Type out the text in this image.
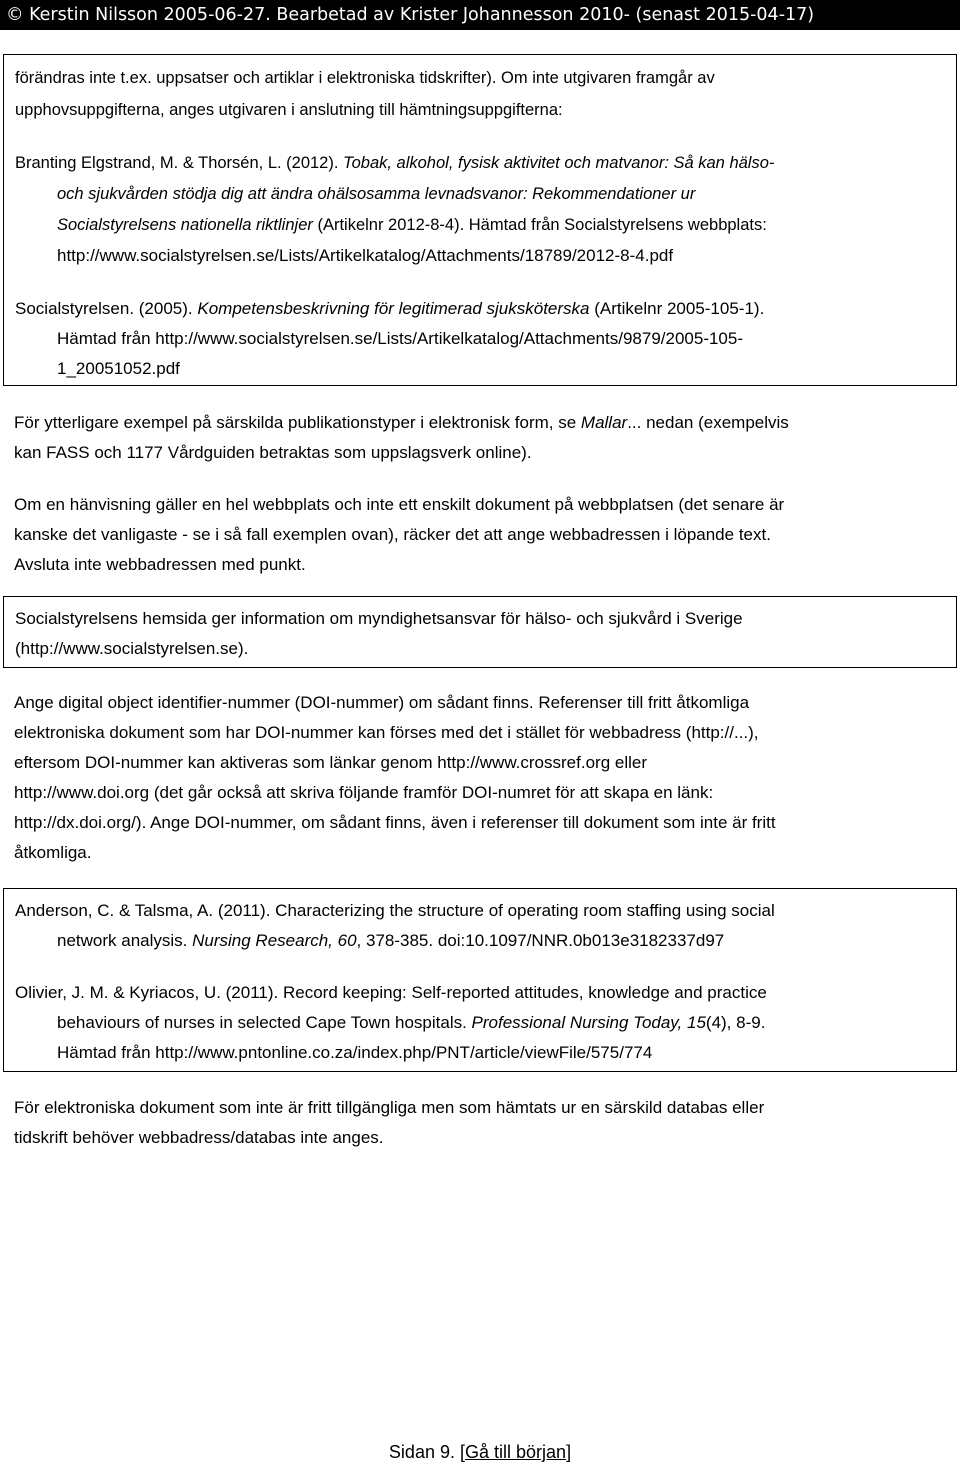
© Kerstin Nilsson 2005-06-27. Bearbetad av Krister Johannesson 2010- (senast 2015-04-17)
förändras inte t.ex. uppsatser och artiklar i elektroniska tidskrifter). Om inte utgivaren framgår av
upphovsuppgifterna, anges utgivaren i anslutning till hämtningsuppgifterna:
Branting Elgstrand, M. & Thorsén, L. (2012). Tobak, alkohol, fysisk aktivitet och matvanor: Så kan hälso-
och sjukvården stödja dig att ändra ohälsosamma levnadsvanor: Rekommendationer ur
Socialstyrelsens nationella riktlinjer (Artikelnr 2012-8-4). Hämtad från Socialstyrelsens webbplats:
http://www.socialstyrelsen.se/Lists/Artikelkatalog/Attachments/18789/2012-8-4.pdf
Socialstyrelsen. (2005). Kompetensbeskrivning för legitimerad sjuksköterska (Artikelnr 2005-105-1).
Hämtad från http://www.socialstyrelsen.se/Lists/Artikelkatalog/Attachments/9879/2005-105-
1_20051052.pdf
För ytterligare exempel på särskilda publikationstyper i elektronisk form, se Mallar... nedan (exempelvis
kan FASS och 1177 Vårdguiden betraktas som uppslagsverk online).
Om en hänvisning gäller en hel webbplats och inte ett enskilt dokument på webbplatsen (det senare är
kanske det vanligaste - se i så fall exemplen ovan), räcker det att ange webbadressen i löpande text.
Avsluta inte webbadressen med punkt.
Socialstyrelsens hemsida ger information om myndighetsansvar för hälso- och sjukvård i Sverige
(http://www.socialstyrelsen.se).
Ange digital object identifier-nummer (DOI-nummer) om sådant finns. Referenser till fritt åtkomliga
elektroniska dokument som har DOI-nummer kan förses med det i stället för webbadress (http://...),
eftersom DOI-nummer kan aktiveras som länkar genom http://www.crossref.org eller
http://www.doi.org (det går också att skriva följande framför DOI-numret för att skapa en länk:
http://dx.doi.org/). Ange DOI-nummer, om sådant finns, även i referenser till dokument som inte är fritt
åtkomliga.
Anderson, C. & Talsma, A. (2011). Characterizing the structure of operating room staffing using social
network analysis. Nursing Research, 60, 378-385. doi:10.1097/NNR.0b013e3182337d97
Olivier, J. M. & Kyriacos, U. (2011). Record keeping: Self-reported attitudes, knowledge and practice
behaviours of nurses in selected Cape Town hospitals. Professional Nursing Today, 15(4), 8-9.
Hämtad från http://www.pntonline.co.za/index.php/PNT/article/viewFile/575/774
För elektroniska dokument som inte är fritt tillgängliga men som hämtats ur en särskild databas eller
tidskrift behöver webbadress/databas inte anges.
Sidan 9. [Gå till början]
